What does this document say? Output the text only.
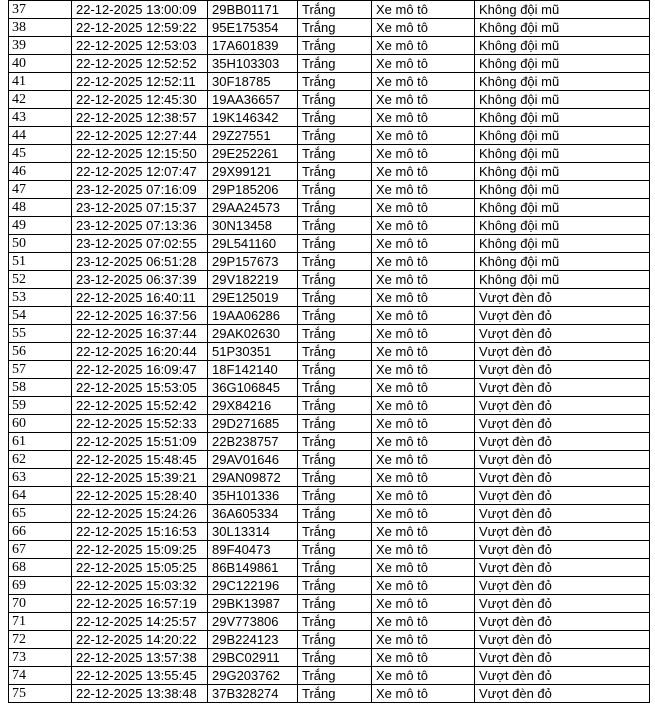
37	22-12-2025 13:00:09	29BB01171	Trắng	Xe mô tô	Không đội mũ
38	22-12-2025 12:59:22	95E175354	Trắng	Xe mô tô	Không đội mũ
39	22-12-2025 12:53:03	17A601839	Trắng	Xe mô tô	Không đội mũ
40	22-12-2025 12:52:52	35H103303	Trắng	Xe mô tô	Không đội mũ
41	22-12-2025 12:52:11	30F18785	Trắng	Xe mô tô	Không đội mũ
42	22-12-2025 12:45:30	19AA36657	Trắng	Xe mô tô	Không đội mũ
43	22-12-2025 12:38:57	19K146342	Trắng	Xe mô tô	Không đội mũ
44	22-12-2025 12:27:44	29Z27551	Trắng	Xe mô tô	Không đội mũ
45	22-12-2025 12:15:50	29E252261	Trắng	Xe mô tô	Không đội mũ
46	22-12-2025 12:07:47	29X99121	Trắng	Xe mô tô	Không đội mũ
47	23-12-2025 07:16:09	29P185206	Trắng	Xe mô tô	Không đội mũ
48	23-12-2025 07:15:37	29AA24573	Trắng	Xe mô tô	Không đội mũ
49	23-12-2025 07:13:36	30N13458	Trắng	Xe mô tô	Không đội mũ
50	23-12-2025 07:02:55	29L541160	Trắng	Xe mô tô	Không đội mũ
51	23-12-2025 06:51:28	29P157673	Trắng	Xe mô tô	Không đội mũ
52	23-12-2025 06:37:39	29V182219	Trắng	Xe mô tô	Không đội mũ
53	22-12-2025 16:40:11	29E125019	Trắng	Xe mô tô	Vượt đèn đỏ
54	22-12-2025 16:37:56	19AA06286	Trắng	Xe mô tô	Vượt đèn đỏ
55	22-12-2025 16:37:44	29AK02630	Trắng	Xe mô tô	Vượt đèn đỏ
56	22-12-2025 16:20:44	51P30351	Trắng	Xe mô tô	Vượt đèn đỏ
57	22-12-2025 16:09:47	18F142140	Trắng	Xe mô tô	Vượt đèn đỏ
58	22-12-2025 15:53:05	36G106845	Trắng	Xe mô tô	Vượt đèn đỏ
59	22-12-2025 15:52:42	29X84216	Trắng	Xe mô tô	Vượt đèn đỏ
60	22-12-2025 15:52:33	29D271685	Trắng	Xe mô tô	Vượt đèn đỏ
61	22-12-2025 15:51:09	22B238757	Trắng	Xe mô tô	Vượt đèn đỏ
62	22-12-2025 15:48:45	29AV01646	Trắng	Xe mô tô	Vượt đèn đỏ
63	22-12-2025 15:39:21	29AN09872	Trắng	Xe mô tô	Vượt đèn đỏ
64	22-12-2025 15:28:40	35H101336	Trắng	Xe mô tô	Vượt đèn đỏ
65	22-12-2025 15:24:26	36A605334	Trắng	Xe mô tô	Vượt đèn đỏ
66	22-12-2025 15:16:53	30L13314	Trắng	Xe mô tô	Vượt đèn đỏ
67	22-12-2025 15:09:25	89F40473	Trắng	Xe mô tô	Vượt đèn đỏ
68	22-12-2025 15:05:25	86B149861	Trắng	Xe mô tô	Vượt đèn đỏ
69	22-12-2025 15:03:32	29C122196	Trắng	Xe mô tô	Vượt đèn đỏ
70	22-12-2025 16:57:19	29BK13987	Trắng	Xe mô tô	Vượt đèn đỏ
71	22-12-2025 14:25:57	29V773806	Trắng	Xe mô tô	Vượt đèn đỏ
72	22-12-2025 14:20:22	29B224123	Trắng	Xe mô tô	Vượt đèn đỏ
73	22-12-2025 13:57:38	29BC02911	Trắng	Xe mô tô	Vượt đèn đỏ
74	22-12-2025 13:55:45	29G203762	Trắng	Xe mô tô	Vượt đèn đỏ
75	22-12-2025 13:38:48	37B328274	Trắng	Xe mô tô	Vượt đèn đỏ
